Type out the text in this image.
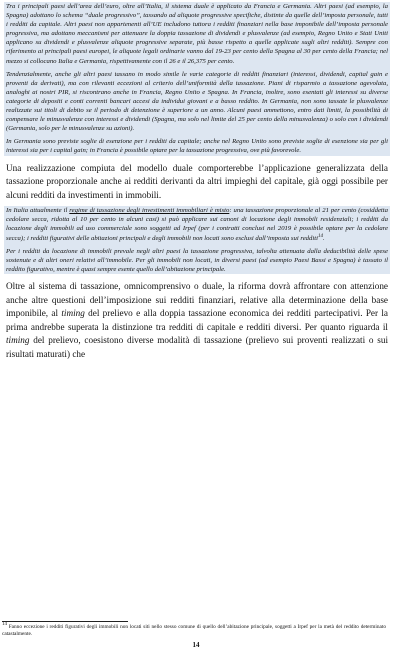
Tra i principali paesi dell’area dell’euro, oltre all’Italia, il sistema duale è applicato da Francia e Germania. Altri paesi (ad esempio, la Spagna) adottano lo schema “duale progressivo”, tassando ad aliquote progressive specifiche, distinte da quelle dell’imposta personale, tutti i redditi da capitale. Altri paesi non appartenenti all’UE includono tuttora i redditi finanziari nella base imponibile dell’imposta personale progressiva, ma adottano meccanismi per attenuare la doppia tassazione di dividendi e plusvalenze (ad esempio, Regno Unito e Stati Uniti applicano su dividendi e plusvalenze aliquote progressive separate, più basse rispetto a quelle applicate sugli altri redditi). Sempre con riferimento ai principali paesi europei, le aliquote legali ordinarie vanno dal 19-23 per cento della Spagna al 30 per cento della Francia; nel mezzo si collocano Italia e Germania, rispettivamente con il 26 e il 26,375 per cento.

Tendenzialmente, anche gli altri paesi tassano in modo simile le varie categorie di redditi finanziari (interessi, dividendi, capital gain e proventi da derivati), ma con rilevanti eccezioni al criterio dell’uniformità della tassazione. Piani di risparmio a tassazione agevolata, analoghi ai nostri PIR, si riscontrano anche in Francia, Regno Unito e Spagna. In Francia, inoltre, sono esentati gli interessi su diverse categorie di depositi e conti correnti bancari accesi da individui giovani e a basso reddito. In Germania, non sono tassate le plusvalenze realizzate sui titoli di debito se il periodo di detenzione è superiore a un anno. Alcuni paesi ammettono, entro dati limiti, la possibilità di compensare le minusvalenze con interessi e dividendi (Spagna, ma solo nel limite del 25 per cento della minusvalenza) o solo con i dividendi (Germania, solo per le minusvalenze su azioni).

In Germania sono previste soglie di esenzione per i redditi da capitale; anche nel Regno Unito sono previste soglie di esenzione sia per gli interessi sia per i capital gain; in Francia è possibile optare per la tassazione progressiva, ove più favorevole.

Una realizzazione compiuta del modello duale comporterebbe l’applicazione generalizzata della tassazione proporzionale anche ai redditi derivanti da altri impieghi del capitale, già oggi possibile per alcuni redditi da investimenti in immobili.

In Italia attualmente il regime di tassazione degli investimenti immobiliari è misto: una tassazione proporzionale al 21 per cento (cosiddetta cedolare secca, ridotta al 10 per cento in alcuni casi) si può applicare sui canoni di locazione degli immobili residenziali; i redditi da locazione degli immobili ad uso commerciale sono soggetti ad Irpef (per i contratti conclusi nel 2019 è possibile optare per la cedolare secca); i redditi figurativi delle abitazioni principali e degli immobili non locati sono esclusi dall’imposta sui redditi$^{14}$.

Per i redditi da locazione di immobili prevale negli altri paesi la tassazione progressiva, talvolta attenuata dalla deducibilità delle spese sostenute e di altri oneri relativi all’immobile. Per gli immobili non locati, in diversi paesi (ad esempio Paesi Bassi e Spagna) è tassato il reddito figurativo, mentre è quasi sempre esente quello dell’abitazione principale.

Oltre al sistema di tassazione, omnicomprensivo o duale, la riforma dovrà affrontare con attenzione anche altre questioni dell’imposizione sui redditi finanziari, relative alla determinazione della base imponibile, al timing del prelievo e alla doppia tassazione economica dei redditi partecipativi. Per la prima andrebbe superata la distinzione tra redditi di capitale e redditi diversi. Per quanto riguarda il timing del prelievo, coesistono diverse modalità di tassazione (prelievo sui proventi realizzati o sui risultati maturati) che

14 Fanno eccezione i redditi figurativi degli immobili non locati siti nello stesso comune di quello dell’abitazione principale, soggetti a Irpef per la metà del reddito determinato catastalmente.
14
